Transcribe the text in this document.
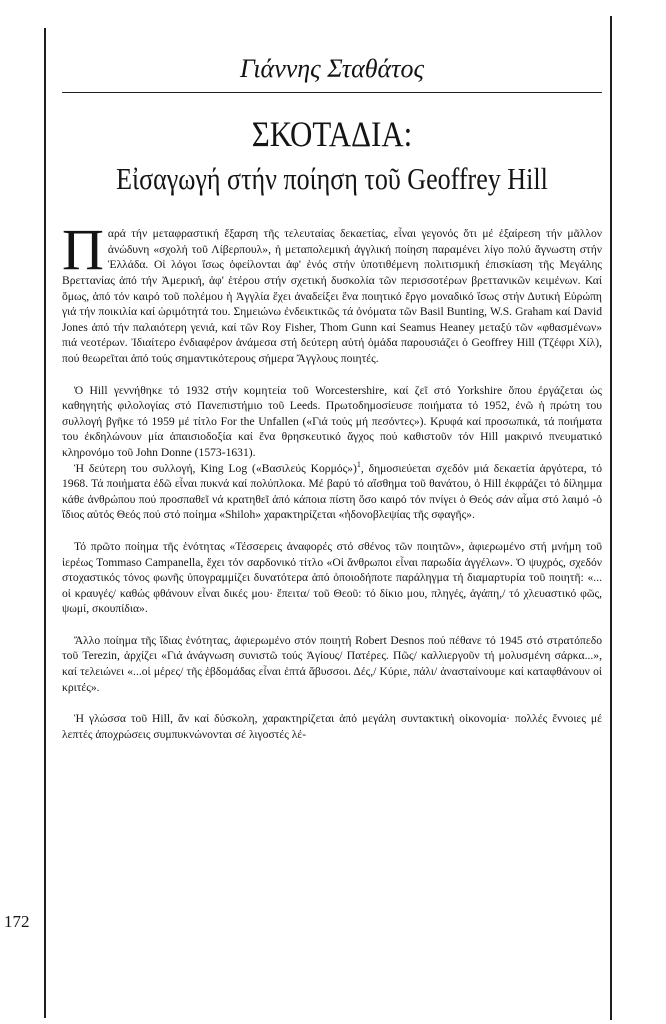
172

Γιάννης Σταθάτος

ΣΚΟΤΑΔΙΑ:

Εἰσαγωγή στήν ποίηση τοῦ Geoffrey Hill

Παρά τήν μεταφραστική ἔξαρση τῆς τελευταίας δεκαετίας, εἶναι γεγονός ὅτι μέ ἐξαίρεση τήν μᾶλλον ἀνώδυνη «σχολή τοῦ Λίβερπουλ», ἡ μεταπολεμική ἀγγλική ποίηση παραμένει λίγο πολύ ἄγνωστη στήν Ἑλλάδα. Οἱ λόγοι ἴσως ὀφείλονται ἀφ' ἑνός στήν ὑποτιθέμενη πολιτισμική ἐπισκίαση τῆς Μεγάλης Βρεττανίας ἀπό τήν Ἀμερική, ἀφ' ἑτέρου στήν σχετική δυσκολία τῶν περισσοτέρων βρεττανικῶν κειμένων. Καί ὅμως, ἀπό τόν καιρό τοῦ πολέμου ἡ Ἀγγλία ἔχει ἀναδείξει ἕνα ποιητικό ἔργο μοναδικό ἴσως στήν Δυτική Εὐρώπη γιά τήν ποικιλία καί ὡριμότητά του. Σημειώνω ἐνδεικτικῶς τά ὀνόματα τῶν Basil Bunting, W.S. Graham καί David Jones ἀπό τήν παλαιότερη γενιά, καί τῶν Roy Fisher, Thom Gunn καί Seamus Heaney μεταξύ τῶν «φθασμένων» πιά νεοτέρων. Ἰδιαίτερο ἐνδιαφέρον ἀνάμεσα στή δεύτερη αὐτή ὁμάδα παρουσιάζει ὁ Geoffrey Hill (Τζέφρι Χίλ), πού θεωρεῖται ἀπό τούς σημαντικότερους σήμερα Ἄγγλους ποιητές.

Ὁ Hill γεννήθηκε τό 1932 στήν κομητεία τοῦ Worcestershire, καί ζεῖ στό Yorkshire ὅπου ἐργάζεται ὡς καθηγητής φιλολογίας στό Πανεπιστήμιο τοῦ Leeds. Πρωτοδημοσίευσε ποιήματα τό 1952, ἐνῶ ἡ πρώτη του συλλογή βγῆκε τό 1959 μέ τίτλο For the Unfallen («Γιά τούς μή πεσόντες»). Κρυφά καί προσωπικά, τά ποιήματα του ἐκδηλώνουν μία ἀπαισιοδοξία καί ἕνα θρησκευτικό ἄγχος πού καθιστοῦν τόν Hill μακρινό πνευματικό κληρονόμο τοῦ John Donne (1573-1631).

Ἡ δεύτερη του συλλογή, King Log («Βασιλεύς Κορμός»)$^1$, δημοσιεύεται σχεδόν μιά δεκαετία ἀργότερα, τό 1968. Τά ποιήματα ἐδῶ εἶναι πυκνά καί πολύπλοκα. Μέ βαρύ τό αἴσθημα τοῦ θανάτου, ὁ Hill ἐκφράζει τό δίλημμα κάθε ἀνθρώπου πού προσπαθεῖ νά κρατηθεῖ ἀπό κάποια πίστη ὅσο καιρό τόν πνίγει ὁ Θεός σάν αἷμα στό λαιμό -ὁ ἴδιος αὐτός Θεός πού στό ποίημα «Shiloh» χαρακτηρίζεται «ἡδονοβλεψίας τῆς σφαγῆς».

Τό πρῶτο ποίημα τῆς ἑνότητας «Τέσσερεις ἀναφορές στό σθένος τῶν ποιητῶν», ἀφιερωμένο στή μνήμη τοῦ ἱερέως Tommaso Campanella, ἔχει τόν σαρδονικό τίτλο «Οἱ ἄνθρωποι εἶναι παρωδία ἀγγέλων». Ὁ ψυχρός, σχεδόν στοχαστικός τόνος φωνῆς ὑπογραμμίζει δυνατότερα ἀπό ὁποιοδήποτε παράληγμα τή διαμαρτυρία τοῦ ποιητῆ: «... οἱ κραυγές/ καθώς φθάνουν εἶναι δικές μου· ἔπειτα/ τοῦ Θεοῦ: τό δίκιο μου, πληγές, ἀγάπη,/ τό χλευαστικό φῶς, ψωμί, σκουπίδια».

Ἄλλο ποίημα τῆς ἴδιας ἑνότητας, ἀφιερωμένο στόν ποιητή Robert Desnos πού πέθανε τό 1945 στό στρατόπεδο τοῦ Terezin, ἀρχίζει «Γιά ἀνάγνωση συνιστῶ τούς Ἁγίους/ Πατέρες. Πῶς/ καλλιεργοῦν τή μολυσμένη σάρκα...», καί τελειώνει «...οἱ μέρες/ τῆς ἑβδομάδας εἶναι ἑπτά ἄβυσσοι. Δές,/ Κύριε, πάλι/ ἀνασταίνουμε καί καταφθάνουν οἱ κριτές».

Ἡ γλώσσα τοῦ Hill, ἄν καί δύσκολη, χαρακτηρίζεται ἀπό μεγάλη συντακτική οἰκονομία· πολλές ἔννοιες μέ λεπτές ἀποχρώσεις συμπυκνώνονται σέ λιγοστές λέ-
